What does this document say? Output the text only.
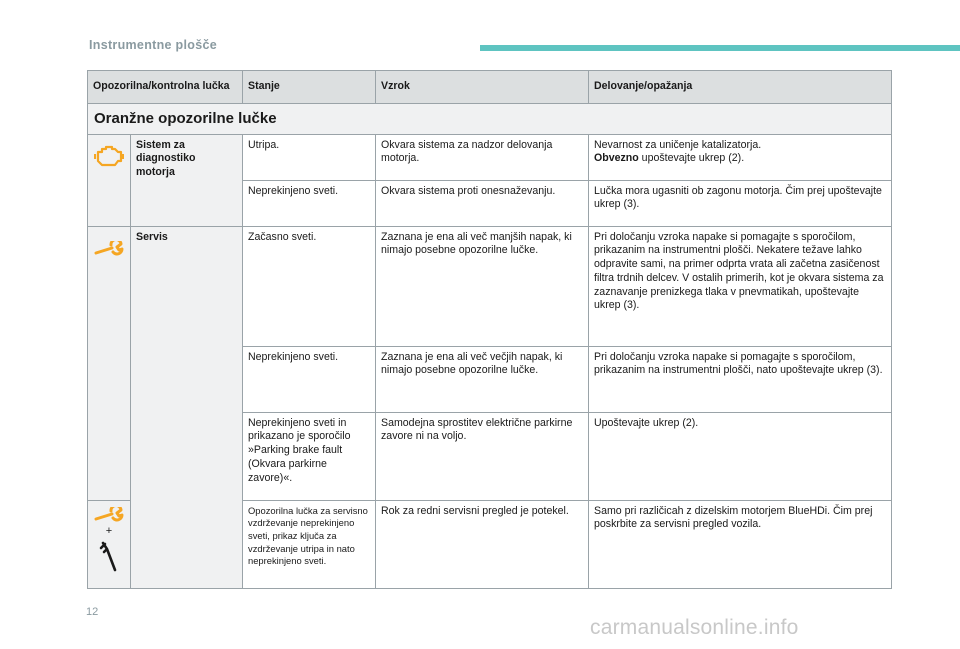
Instrumentne plošče
Opozorilna/kontrolna lučka		Stanje	Vzrok	Delovanje/opažanja
Oranžne opozorilne lučke				

	Sistem za diagnostiko motorja	Utripa.	Okvara sistema za nadzor delovanja motorja.	Nevarnost za uničenje katalizatorja.
Obvezno upoštevajte ukrep (2).
		Neprekinjeno sveti.	Okvara sistema proti onesnaževanju.	Lučka mora ugasniti ob zagonu motorja. Čim prej upoštevajte ukrep (3).

	Servis	Začasno sveti.	Zaznana je ena ali več manjših napak, ki nimajo posebne opozorilne lučke.	Pri določanju vzroka napake si pomagajte s sporočilom, prikazanim na instrumentni plošči. Nekatere težave lahko odpravite sami, na primer odprta vrata ali začetna zasičenost filtra trdnih delcev. V ostalih primerih, kot je okvara sistema za zaznavanje prenizkega tlaka v pnevmatikah, upoštevajte ukrep (3).
		Neprekinjeno sveti.	Zaznana je ena ali več večjih napak, ki nimajo posebne opozorilne lučke.	Pri določanju vzroka napake si pomagajte s sporočilom, prikazanim na instrumentni plošči, nato upoštevajte ukrep (3).
		Neprekinjeno sveti in prikazano je sporočilo »Parking brake fault (Okvara parkirne zavore)«.	Samodejna sprostitev električne parkirne zavore ni na voljo.	Upoštevajte ukrep (2).

+		Opozorilna lučka za servisno vzdrževanje neprekinjeno sveti, prikaz ključa za vzdrževanje utripa in nato neprekinjeno sveti.	Rok za redni servisni pregled je potekel.	Samo pri različicah z dizelskim motorjem BlueHDi. Čim prej poskrbite za servisni pregled vozila.
12
carmanualsonline.info
